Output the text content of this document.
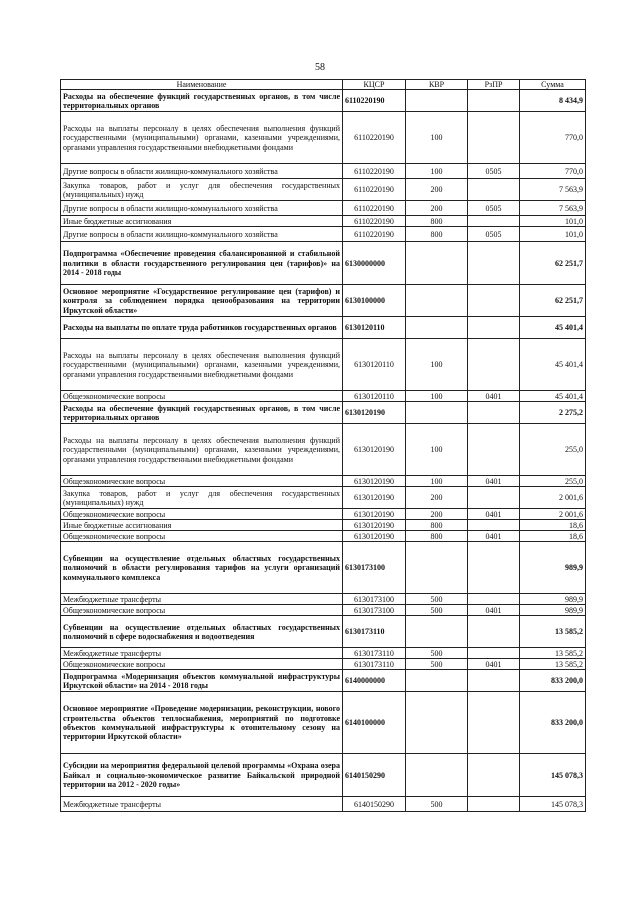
58
Наименование	КЦСР	КВР	РзПР	Сумма
Расходы на обеспечение функций государственных органов, в том числе территориальных органов	6110220190			8 434,9
Расходы на выплаты персоналу в целях обеспечения выполнения функций государственными (муниципальными) органами, казенными учреждениями, органами управления государственными внебюджетными фондами	6110220190	100		770,0
Другие вопросы в области жилищно-коммунального хозяйства	6110220190	100	0505	770,0
Закупка товаров, работ и услуг для обеспечения государственных (муниципальных) нужд	6110220190	200		7 563,9
Другие вопросы в области жилищно-коммунального хозяйства	6110220190	200	0505	7 563,9
Иные бюджетные ассигнования	6110220190	800		101,0
Другие вопросы в области жилищно-коммунального хозяйства	6110220190	800	0505	101,0
Подпрограмма «Обеспечение проведения сбалансированной и стабильной политики в области государственного регулирования цен (тарифов)» на 2014 - 2018 годы	6130000000			62 251,7
Основное мероприятие «Государственное регулирование цен (тарифов) и контроля за соблюдением порядка ценообразования на территории Иркутской области»	6130100000			62 251,7
Расходы на выплаты по оплате труда работников государственных органов	6130120110			45 401,4
Расходы на выплаты персоналу в целях обеспечения выполнения функций государственными (муниципальными) органами, казенными учреждениями, органами управления государственными внебюджетными фондами	6130120110	100		45 401,4
Общеэкономические вопросы	6130120110	100	0401	45 401,4
Расходы на обеспечение функций государственных органов, в том числе территориальных органов	6130120190			2 275,2
Расходы на выплаты персоналу в целях обеспечения выполнения функций государственными (муниципальными) органами, казенными учреждениями, органами управления государственными внебюджетными фондами	6130120190	100		255,0
Общеэкономические вопросы	6130120190	100	0401	255,0
Закупка товаров, работ и услуг для обеспечения государственных (муниципальных) нужд	6130120190	200		2 001,6
Общеэкономические вопросы	6130120190	200	0401	2 001,6
Иные бюджетные ассигнования	6130120190	800		18,6
Общеэкономические вопросы	6130120190	800	0401	18,6
Субвенции на осуществление отдельных областных государственных полномочий в области регулирования тарифов на услуги организаций коммунального комплекса	6130173100			989,9
Межбюджетные трансферты	6130173100	500		989,9
Общеэкономические вопросы	6130173100	500	0401	989,9
Субвенции на осуществление отдельных областных государственных полномочий в сфере водоснабжения и водоотведения	6130173110			13 585,2
Межбюджетные трансферты	6130173110	500		13 585,2
Общеэкономические вопросы	6130173110	500	0401	13 585,2
Подпрограмма «Модернизация объектов коммунальной инфраструктуры Иркутской области» на 2014 - 2018 годы	6140000000			833 200,0
Основное мероприятие «Проведение модернизации, реконструкции, нового строительства объектов теплоснабжения, мероприятий по подготовке объектов коммунальной инфраструктуры к отопительному сезону на территории Иркутской области»	6140100000			833 200,0
Субсидии на мероприятия федеральной целевой программы «Охрана озера Байкал и социально-экономическое развитие Байкальской природной территории на 2012 - 2020 годы»	6140150290			145 078,3
Межбюджетные трансферты	6140150290	500		145 078,3
